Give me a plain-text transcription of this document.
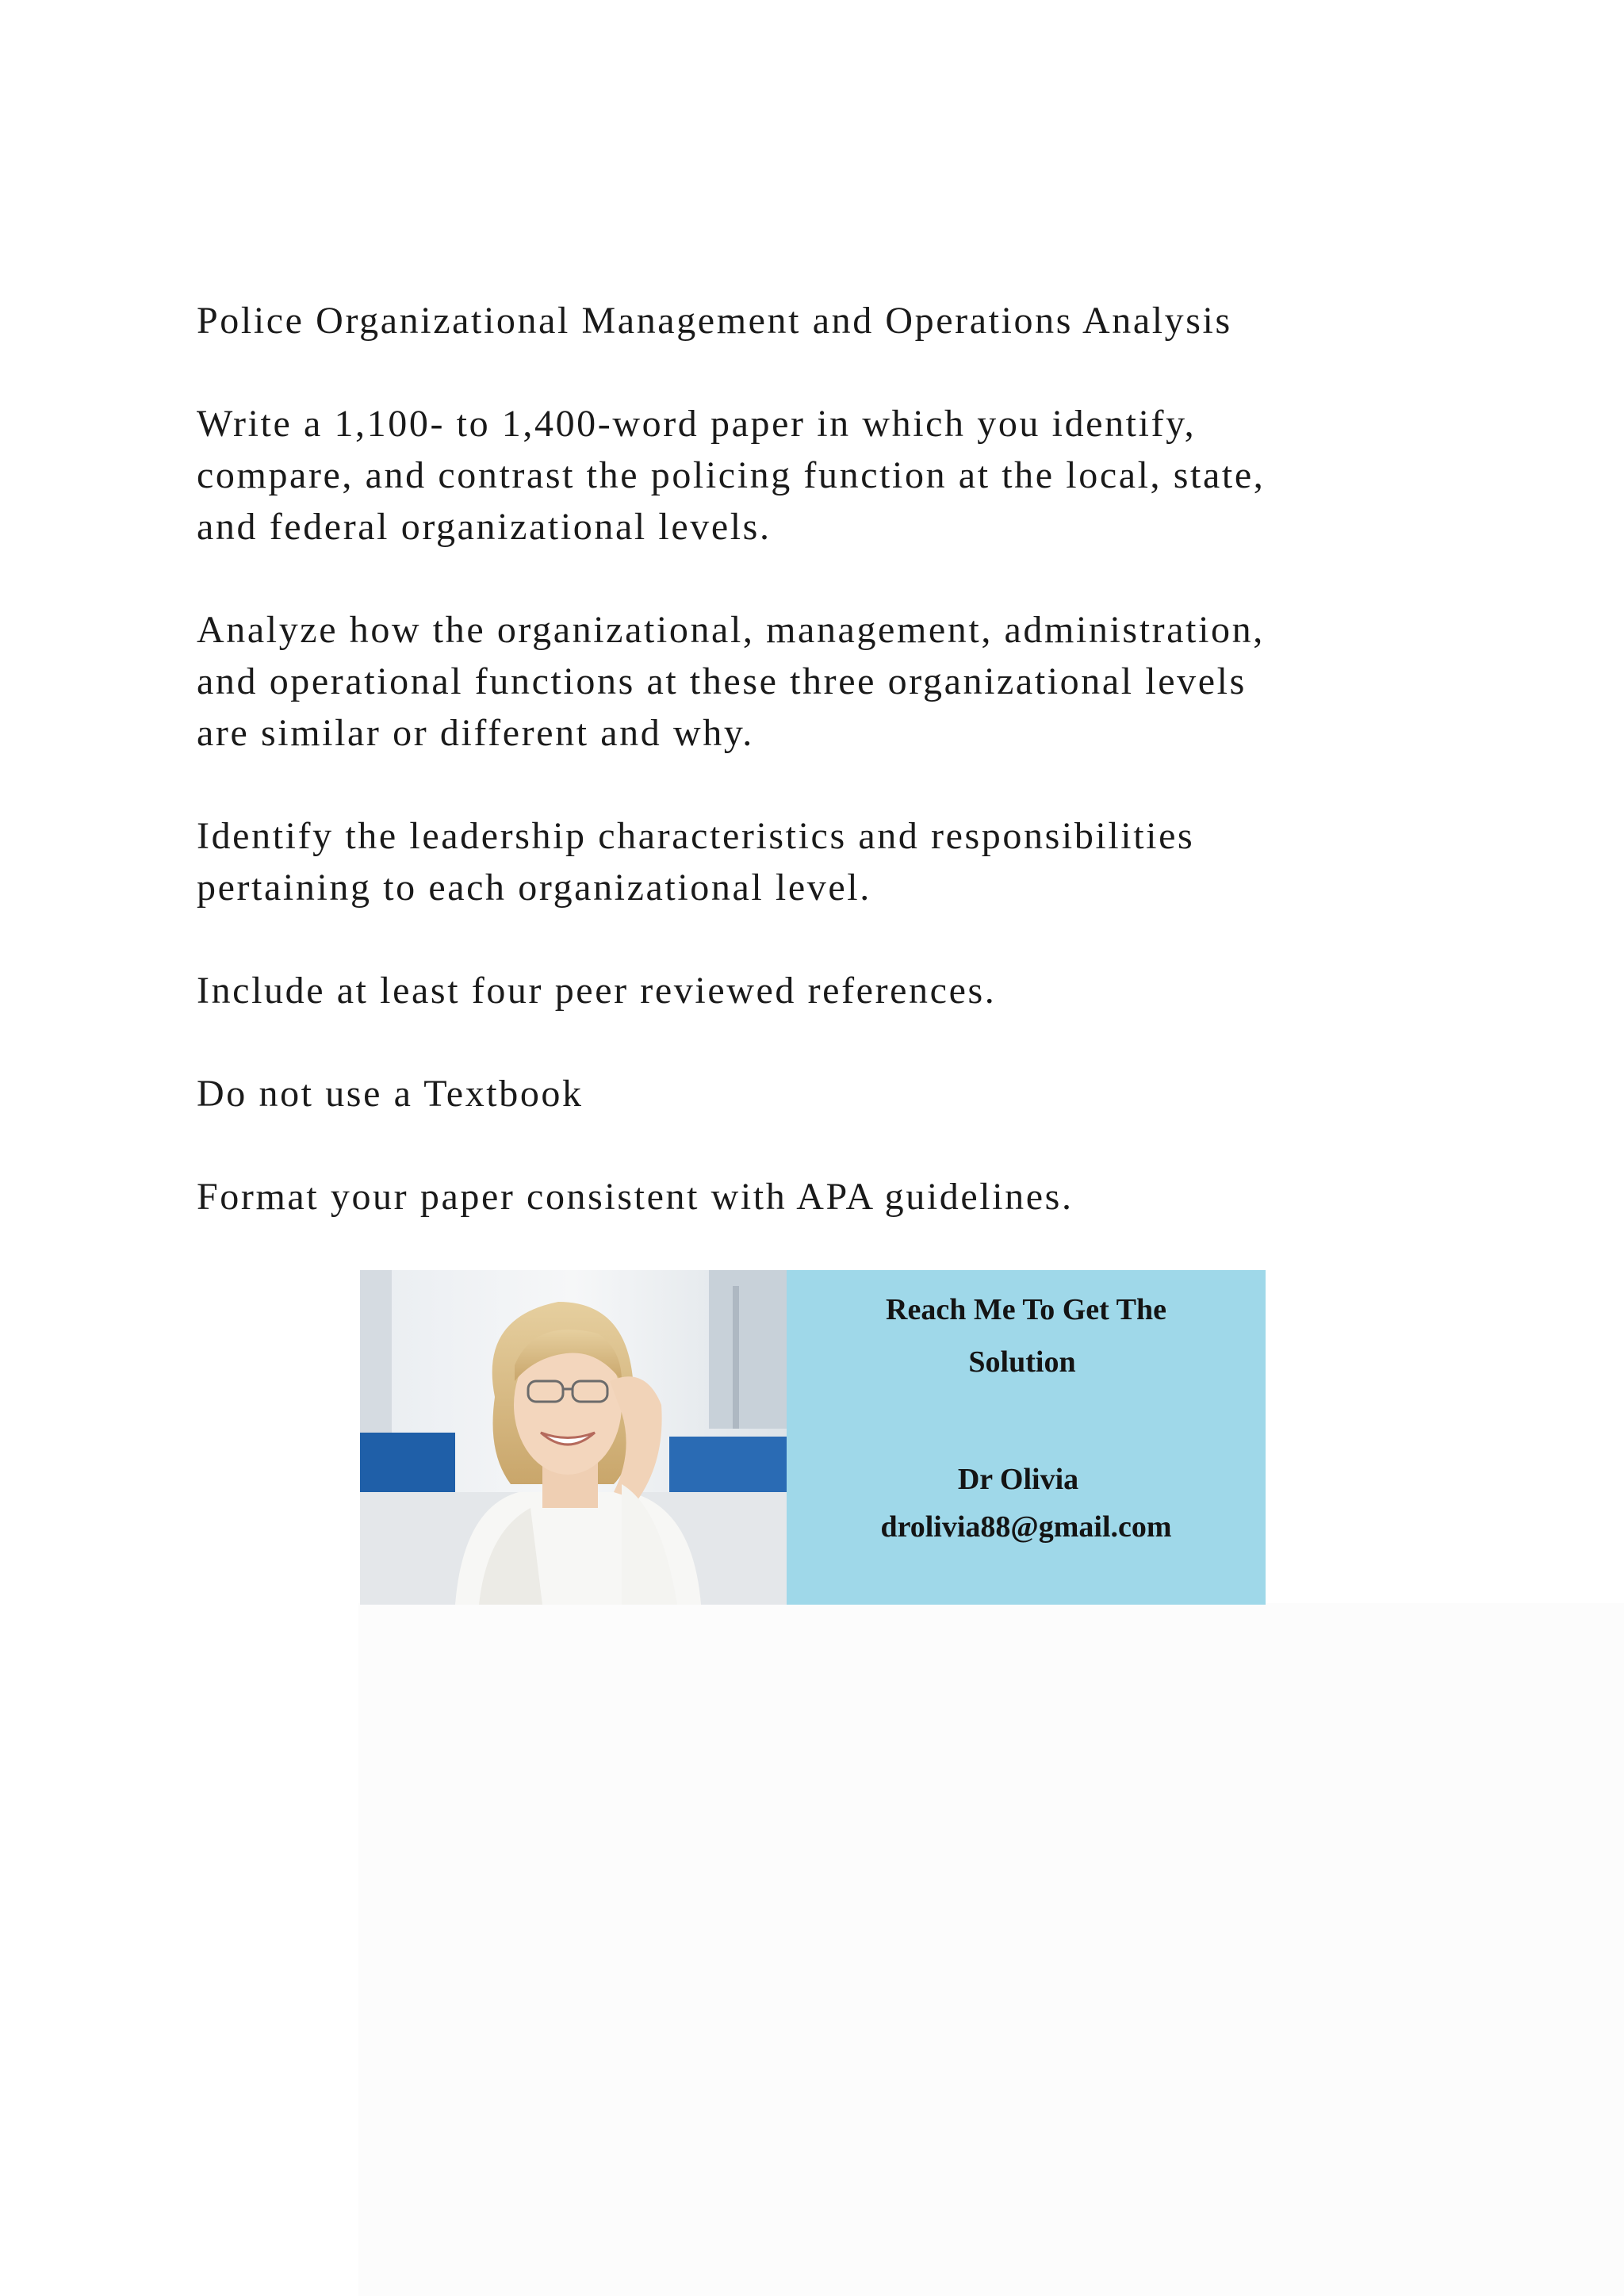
Police Organizational Management and Operations Analysis

Write a 1,100- to 1,400-word paper in which you identify,
compare, and contrast the policing function at the local, state,
and federal organizational levels.

Analyze how the organizational, management, administration,
and operational functions at these three organizational levels
are similar or different and why.

Identify the leadership characteristics and responsibilities
pertaining to each organizational level.

Include at least four peer reviewed references.

Do not use a Textbook

Format your paper consistent with APA guidelines.

Reach Me To Get The
Solution
Dr Olivia
drolivia88@gmail.com
